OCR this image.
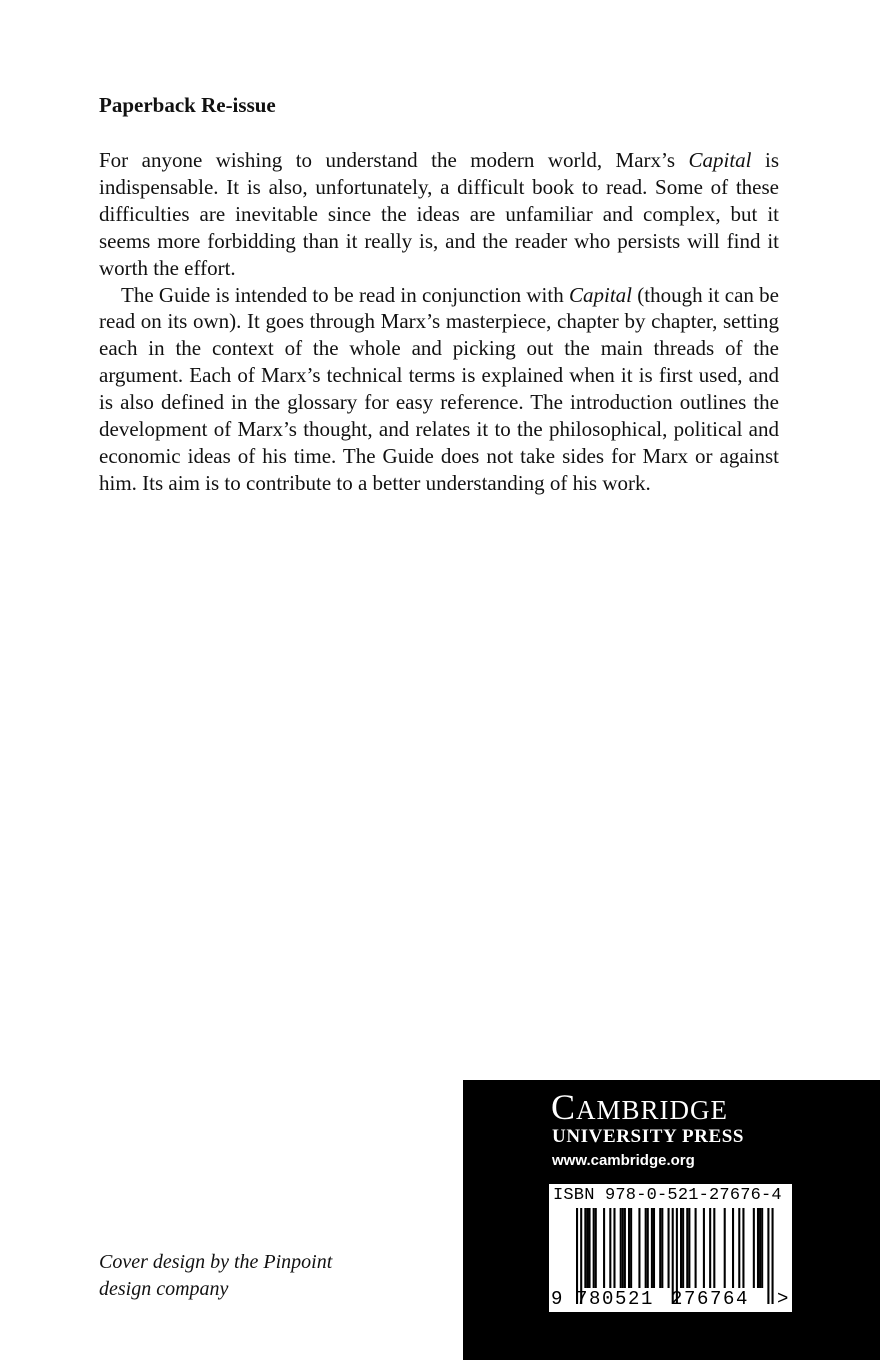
Paperback Re-issue

For anyone wishing to understand the modern world, Marx’s Capital is indispensable. It is also, unfortunately, a difficult book to read. Some of these difficulties are inevitable since the ideas are unfamiliar and complex, but it seems more forbidding than it really is, and the reader who persists will find it worth the effort.

The Guide is intended to be read in conjunction with Capital (though it can be read on its own). It goes through Marx’s masterpiece, chapter by chapter, setting each in the context of the whole and picking out the main threads of the argument. Each of Marx’s technical terms is explained when it is first used, and is also defined in the glossary for easy reference. The introduction outlines the development of Marx’s thought, and relates it to the philosophical, political and economic ideas of his time. The Guide does not take sides for Marx or against him. Its aim is to contribute to a better understanding of his work.

Cover design by the Pinpoint
design company
CAMBRIDGE
UNIVERSITY PRESS
www.cambridge.org
ISBN 978-0-521-27676-4
9 780521 276764 >
